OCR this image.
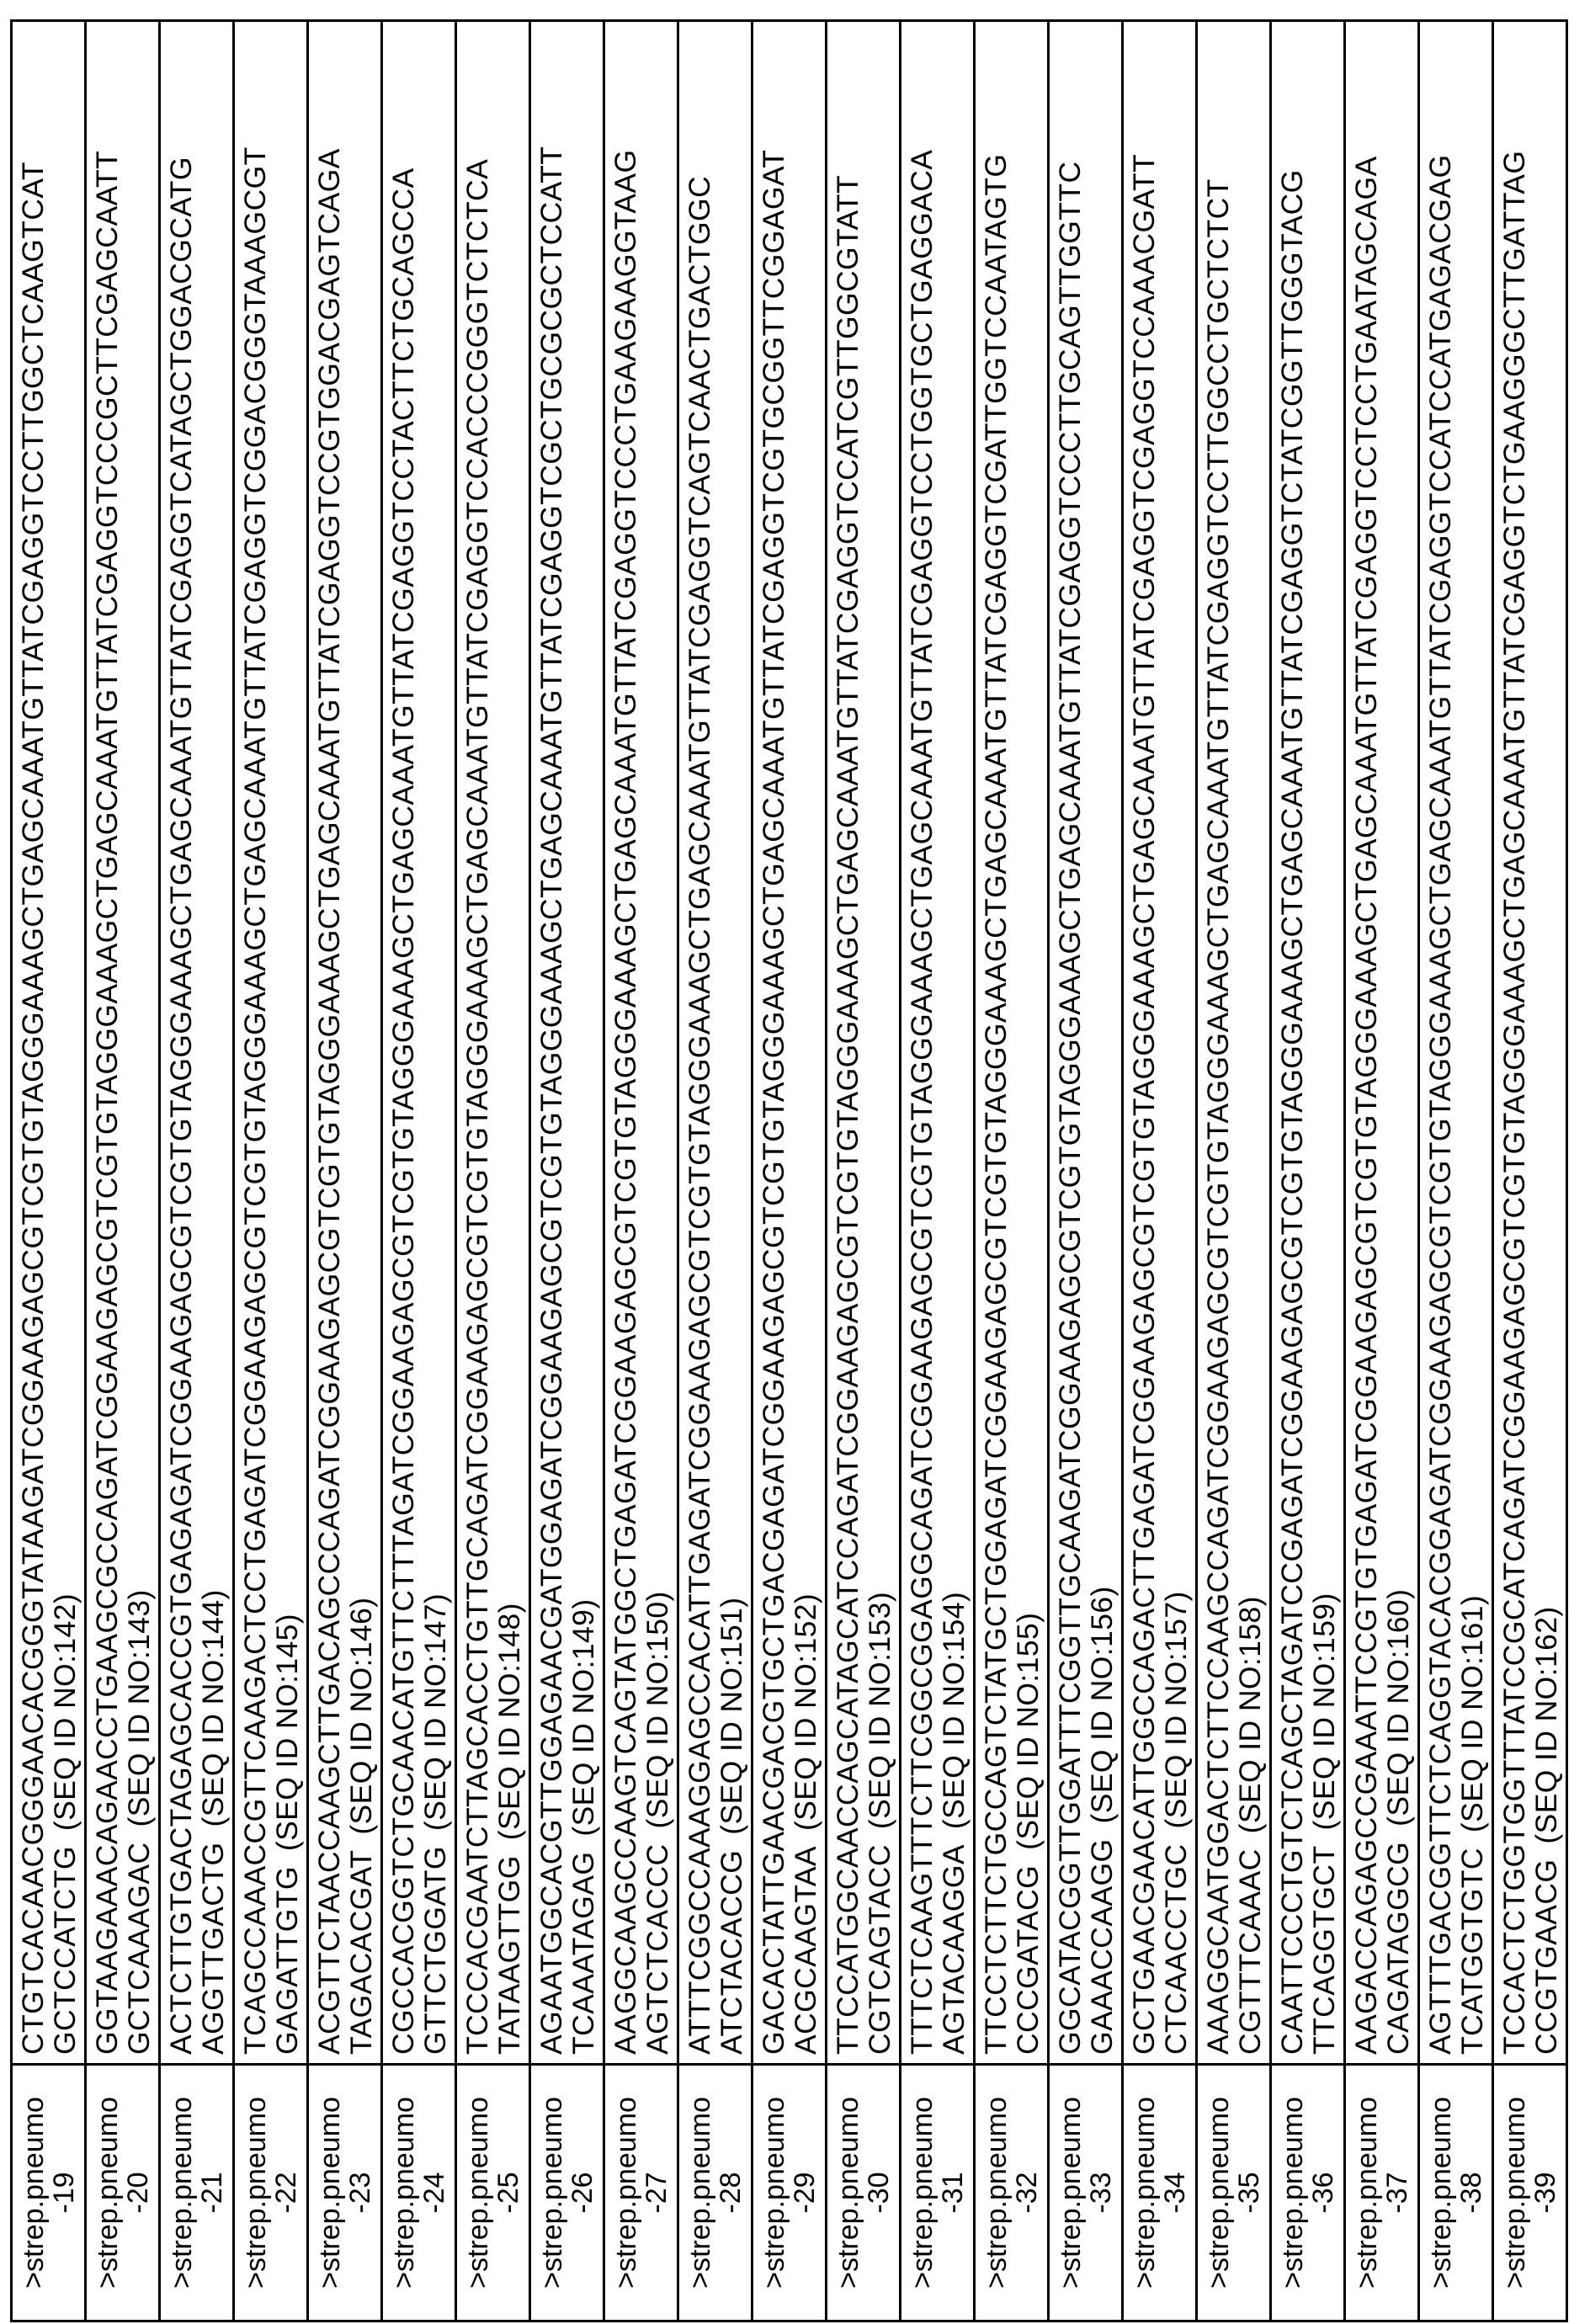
>strep.pneumo
-19	CTGTCACAACGGGAACACGGGTATAAGATCGGAAGAGCGTCGTGTAGGGAAAGCTGAGCAAATGTTATCGAGGTCCTTGGCTCAAGTCAT
GCTCCATCTG(SEQ ID NO:142)
>strep.pneumo
-20	GGTAAGAAACAGAACCTGAAGCGCCAGATCGGAAGAGCGTCGTGTAGGGAAAGCTGAGCAAATGTTATCGAGGTCCCGCTTCGAGCAATT
GCTCAAAGAC(SEQ ID NO:143)
>strep.pneumo
-21	ACTCTTGTGACTAGAGCACCGTGAGAGATCGGAAGAGCGTCGTGTAGGGAAAGCTGAGCAAATGTTATCGAGGTCATAGCTGGACGCATG
AGGTTGACTG(SEQ ID NO:144)
>strep.pneumo
-22	TCAGCCAAACCGTTCAAGACTCCTGAGATCGGAAGAGCGTCGTGTAGGGAAAGCTGAGCAAATGTTATCGAGGTCGGACGGGTAAAGCGT
GAGATTGTG(SEQ ID NO:145)
>strep.pneumo
-23	ACGTTCTAACCAAGCTTGACAGCCCAGATCGGAAGAGCGTCGTGTAGGGAAAGCTGAGCAAATGTTATCGAGGTCCGTGGACGAGTCAGA
TAGACACGAT(SEQ ID NO:146)
>strep.pneumo
-24	CGCCACGGTCTGCAACATGTTCTTTAGATCGGAAGAGCGTCGTGTAGGGAAAGCTGAGCAAATGTTATCGAGGTCCTACTTCTGCAGCCA
GTTCTGGATG(SEQ ID NO:147)
>strep.pneumo
-25	TCCCACGAATCTTAGCACCTGTTGCAGATCGGAAGAGCGTCGTGTAGGGAAAGCTGAGCAAATGTTATCGAGGTCCACCCGGGTCTCTCA
TATAAGTTGG(SEQ ID NO:148)
>strep.pneumo
-26	AGAATGGCACGTTGGAGAACGATGGAGATCGGAAGAGCGTCGTGTAGGGAAAGCTGAGCAAATGTTATCGAGGTCGCTGCGCGCTCCATT
TCAAATAGAG(SEQ ID NO:149)
>strep.pneumo
-27	AAGGCAAGCCAAGTCAGTATGGCTGAGATCGGAAGAGCGTCGTGTAGGGAAAGCTGAGCAAATGTTATCGAGGTCCCTGAAGAAGGTAAG
AGTCTCACCC(SEQ ID NO:150)
>strep.pneumo
-28	ATTTCGGCCAAAGGAGCCACATTGAGATCGGAAGAGCGTCGTGTAGGGAAAGCTGAGCAAATGTTATCGAGGTCAGTCAACTGACTGGC
ATCTACACCG(SEQ ID NO:151)
>strep.pneumo
-29	GACACTATTGAACGACGTGCTGACGAGATCGGAAGAGCGTCGTGTAGGGAAAGCTGAGCAAATGTTATCGAGGTCGTGCGGTTCGGAGAT
ACGCAAGTAA(SEQ ID NO:152)
>strep.pneumo
-30	TTCCATGGCAACCAGCATAGCATCCAGATCGGAAGAGCGTCGTGTAGGGAAAGCTGAGCAAATGTTATCGAGGTCCATCGTTGGCGTATT
CGTCAGTACC(SEQ ID NO:153)
>strep.pneumo
-31	TTTCTCAAGTTTCTTCGGCGGAGGCAGATCGGAAGAGCGTCGTGTAGGGAAAGCTGAGCAAATGTTATCGAGGTCCTGGTGCTGAGGACA
AGTACAAGGA(SEQ ID NO:154)
>strep.pneumo
-32	TTCCTCTTCTGCCAGTCTATGCTGGAGATCGGAAGAGCGTCGTGTAGGGAAAGCTGAGCAAATGTTATCGAGGTCGATTGGTCCAATAGTG
CCCGATACG(SEQ ID NO:155)
>strep.pneumo
-33	GGCATACGGTTGGATTTCGGTTGCAAGATCGGAAGAGCGTCGTGTAGGGAAAGCTGAGCAAATGTTATCGAGGTCCCTTGCAGTTGGTTC
GAAACCAAGG(SEQ ID NO:156)
>strep.pneumo
-34	GCTGAACGAACATTGGCCAGACTTGAGATCGGAAGAGCGTCGTGTAGGGAAAGCTGAGCAAATGTTATCGAGGTCGAGGTCCAAACGATT
CTCAACCTGC(SEQ ID NO:157)
>strep.pneumo
-35	AAAGGCAATGGACTCTTCCAAGCCAGATCGGAAGAGCGTCGTGTAGGGAAAGCTGAGCAAATGTTATCGAGGTCCTTGGCCTGCTCTCT
CGTTTCAAAC(SEQ ID NO:158)
>strep.pneumo
-36	CAATTCCCTGTCTCAGCTAGATCCGAGATCGGAAGAGCGTCGTGTAGGGAAAGCTGAGCAAATGTTATCGAGGTCTATCGGTTGGGTACG
TTCAGGTGCT(SEQ ID NO:159)
>strep.pneumo
-37	AAGACCAGAGCCGAAATTCCGTGTGAGATCGGAAGAGCGTCGTGTAGGGAAAGCTGAGCAAATGTTATCGAGGTCCTCCTGAATAGCAGA
CAGATAGGCG(SEQ ID NO:160)
>strep.pneumo
-38	AGTTTGACGGTTCTCAGGTACACGGAGATCGGAAGAGCGTCGTGTAGGGAAAGCTGAGCAAATGTTATCGAGGTCCATCCATGAGACGAG
TCATGGTGTC(SEQ ID NO:161)
>strep.pneumo
-39	TCCACTCTGGTGGTTTATCCGCATCAGATCGGAAGAGCGTCGTGTAGGGAAAGCTGAGCAAATGTTATCGAGGTCTGAAGGGCTTGATTAG
CCGTGAACG(SEQ ID NO:162)
